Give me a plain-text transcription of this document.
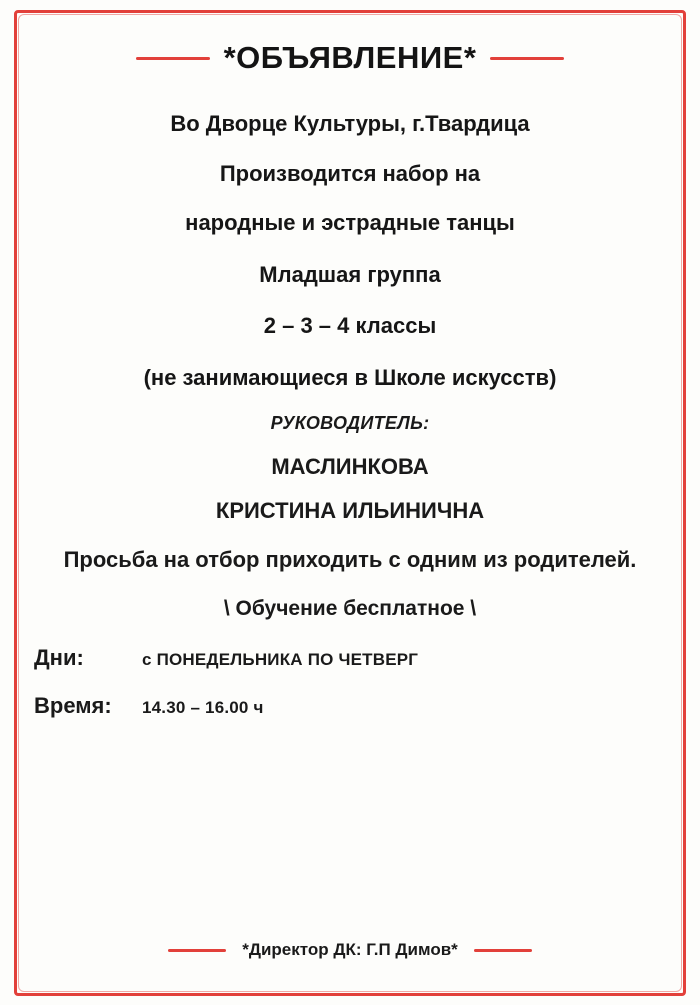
*ОБЪЯВЛЕНИЕ*
Во Дворце Культуры, г.Твардица
Производится набор на
народные и эстрадные танцы
Младшая группа
2 – 3 – 4 классы
(не занимающиеся в Школе искусств)
РУКОВОДИТЕЛЬ:
МАСЛИНКОВА
КРИСТИНА ИЛЬИНИЧНА
Просьба на отбор приходить с одним из родителей.
\ Обучение бесплатное \
Дни:	с ПОНЕДЕЛЬНИКА ПО ЧЕТВЕРГ
Время:	14.30 – 16.00 ч
*Директор ДК: Г.П Димов*
